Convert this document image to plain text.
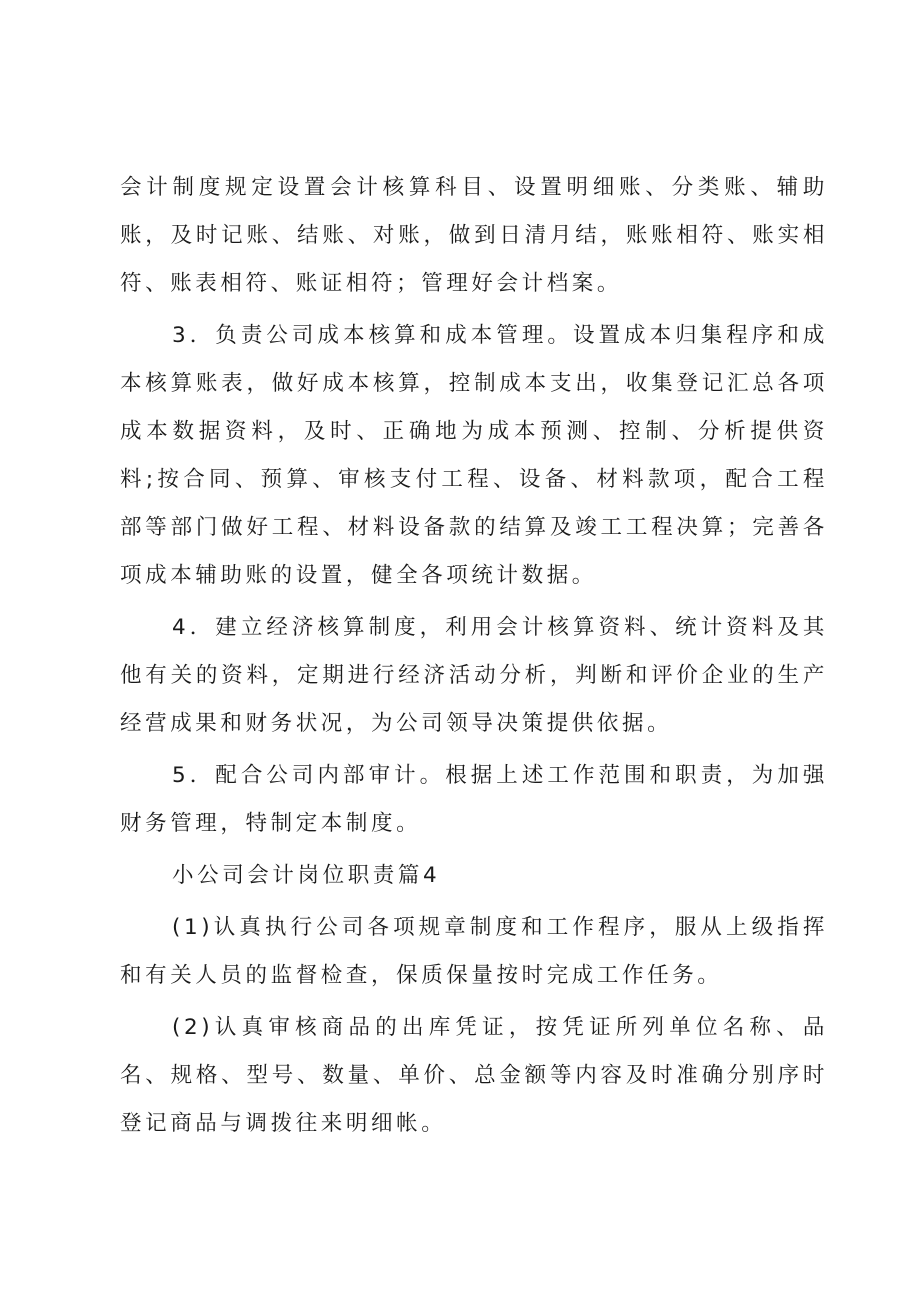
会计制度规定设置会计核算科目、设置明细账、分类账、辅助账，及时记账、结账、对账，做到日清月结，账账相符、账实相符、账表相符、账证相符；管理好会计档案。

3．负责公司成本核算和成本管理。设置成本归集程序和成本核算账表，做好成本核算，控制成本支出，收集登记汇总各项成本数据资料，及时、正确地为成本预测、控制、分析提供资料;按合同、预算、审核支付工程、设备、材料款项，配合工程部等部门做好工程、材料设备款的结算及竣工工程决算；完善各项成本辅助账的设置，健全各项统计数据。

4．建立经济核算制度，利用会计核算资料、统计资料及其他有关的资料，定期进行经济活动分析，判断和评价企业的生产经营成果和财务状况，为公司领导决策提供依据。

5．配合公司内部审计。根据上述工作范围和职责，为加强财务管理，特制定本制度。

小公司会计岗位职责篇4

(1)认真执行公司各项规章制度和工作程序，服从上级指挥和有关人员的监督检查，保质保量按时完成工作任务。

(2)认真审核商品的出库凭证，按凭证所列单位名称、品名、规格、型号、数量、单价、总金额等内容及时准确分别序时登记商品与调拨往来明细帐。
